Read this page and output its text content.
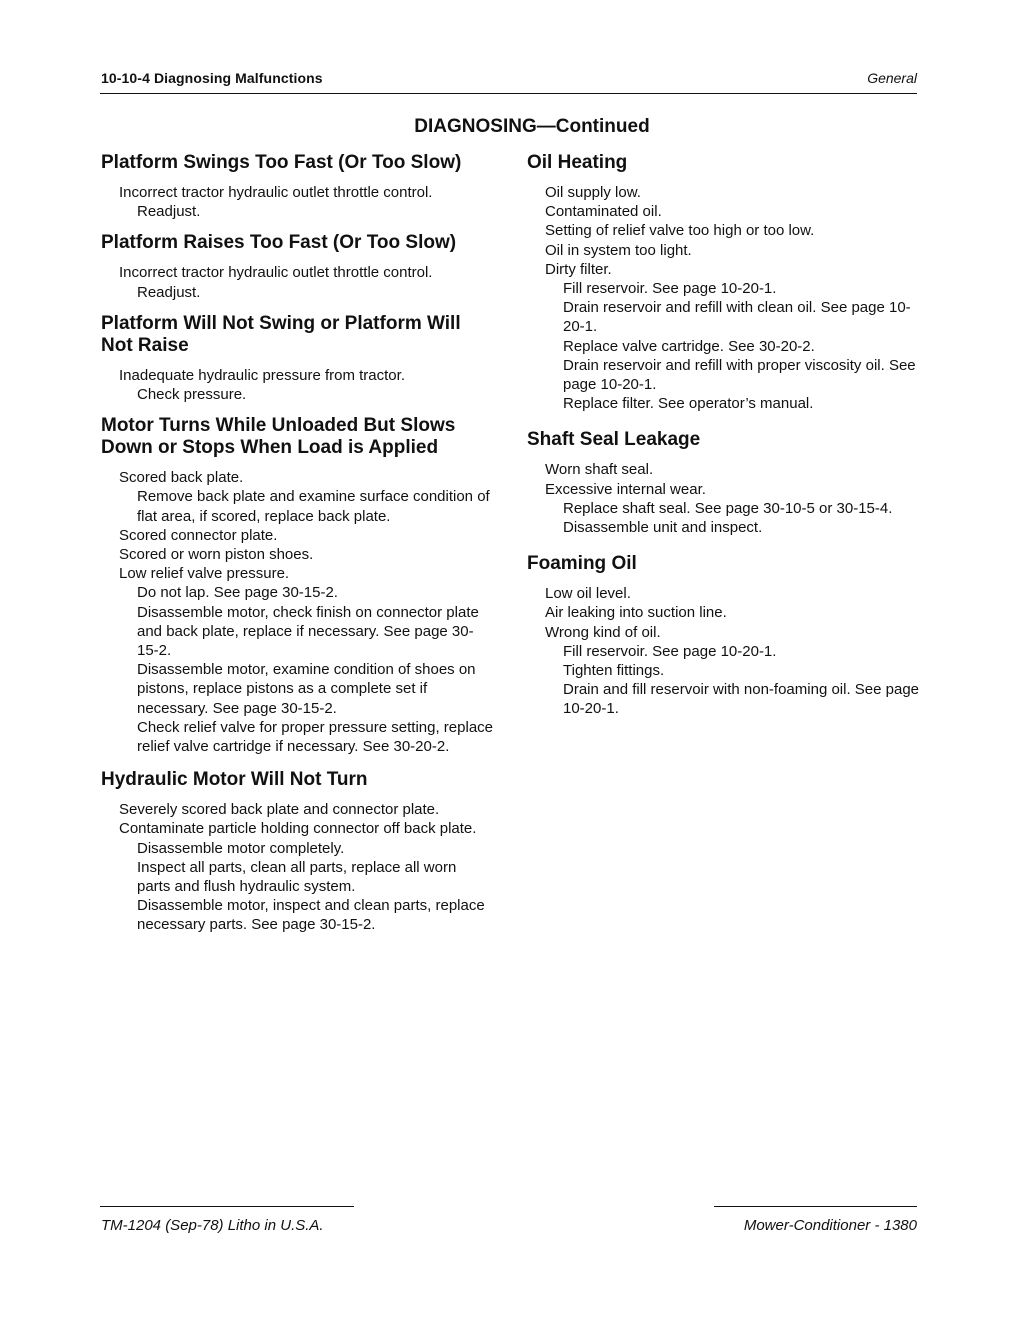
10-10-4 Diagnosing Malfunctions	General
DIAGNOSING—Continued
Platform Swings Too Fast (Or Too Slow)
Incorrect tractor hydraulic outlet throttle control.
Readjust.
Platform Raises Too Fast (Or Too Slow)
Incorrect tractor hydraulic outlet throttle control.
Readjust.
Platform Will Not Swing or Platform Will Not Raise
Inadequate hydraulic pressure from tractor.
Check pressure.
Motor Turns While Unloaded But Slows Down or Stops When Load is Applied
Scored back plate.
Remove back plate and examine surface condition of flat area, if scored, replace back plate.
Scored connector plate.
Scored or worn piston shoes.
Low relief valve pressure.
Do not lap. See page 30-15-2.
Disassemble motor, check finish on connector plate and back plate, replace if necessary. See page 30-15-2.
Disassemble motor, examine condition of shoes on pistons, replace pistons as a complete set if necessary. See page 30-15-2.
Check relief valve for proper pressure setting, replace relief valve cartridge if necessary. See 30-20-2.
Hydraulic Motor Will Not Turn
Severely scored back plate and connector plate.
Contaminate particle holding connector off back plate.
Disassemble motor completely.
Inspect all parts, clean all parts, replace all worn parts and flush hydraulic system.
Disassemble motor, inspect and clean parts, replace necessary parts. See page 30-15-2.
Oil Heating
Oil supply low.
Contaminated oil.
Setting of relief valve too high or too low.
Oil in system too light.
Dirty filter.
Fill reservoir. See page 10-20-1.
Drain reservoir and refill with clean oil. See page 10-20-1.
Replace valve cartridge. See 30-20-2.
Drain reservoir and refill with proper viscosity oil. See page 10-20-1.
Replace filter. See operator’s manual.
Shaft Seal Leakage
Worn shaft seal.
Excessive internal wear.
Replace shaft seal. See page 30-10-5 or 30-15-4.
Disassemble unit and inspect.
Foaming Oil
Low oil level.
Air leaking into suction line.
Wrong kind of oil.
Fill reservoir. See page 10-20-1.
Tighten fittings.
Drain and fill reservoir with non-foaming oil. See page 10-20-1.
TM-1204 (Sep-78) Litho in U.S.A.	Mower-Conditioner - 1380
